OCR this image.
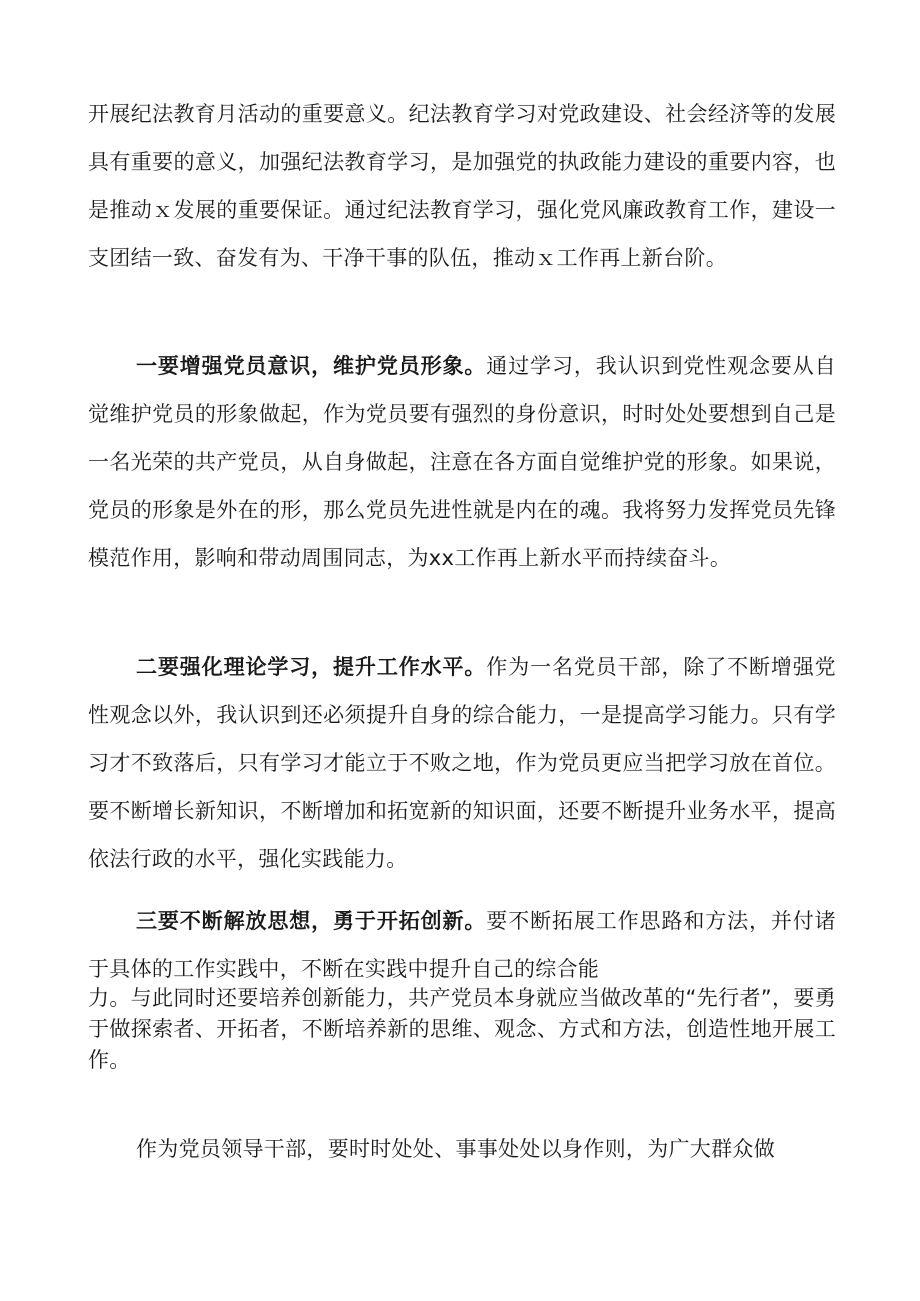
开展纪法教育月活动的重要意义。纪法教育学习对党政建设、社会经济等的发展具有重要的意义，加强纪法教育学习，是加强党的执政能力建设的重要内容，也是推动ｘ发展的重要保证。通过纪法教育学习，强化党风廉政教育工作，建设一支团结一致、奋发有为、干净干事的队伍，推动ｘ工作再上新台阶。

一要增强党员意识，维护党员形象。通过学习，我认识到党性观念要从自觉维护党员的形象做起，作为党员要有强烈的身份意识，时时处处要想到自己是一名光荣的共产党员，从自身做起，注意在各方面自觉维护党的形象。如果说，党员的形象是外在的形，那么党员先进性就是内在的魂。我将努力发挥党员先锋模范作用，影响和带动周围同志，为xx工作再上新水平而持续奋斗。

二要强化理论学习，提升工作水平。作为一名党员干部，除了不断增强党性观念以外，我认识到还必须提升自身的综合能力，一是提高学习能力。只有学习才不致落后，只有学习才能立于不败之地，作为党员更应当把学习放在首位。要不断增长新知识，不断增加和拓宽新的知识面，还要不断提升业务水平，提高依法行政的水平，强化实践能力。

三要不断解放思想，勇于开拓创新。要不断拓展工作思路和方法，并付诸于具体的工作实践中，不断在实践中提升自己的综合能

力。与此同时还要培养创新能力，共产党员本身就应当做改革的“先行者”，要勇于做探索者、开拓者，不断培养新的思维、观念、方式和方法，创造性地开展工作。

作为党员领导干部，要时时处处、事事处处以身作则，为广大群众做
